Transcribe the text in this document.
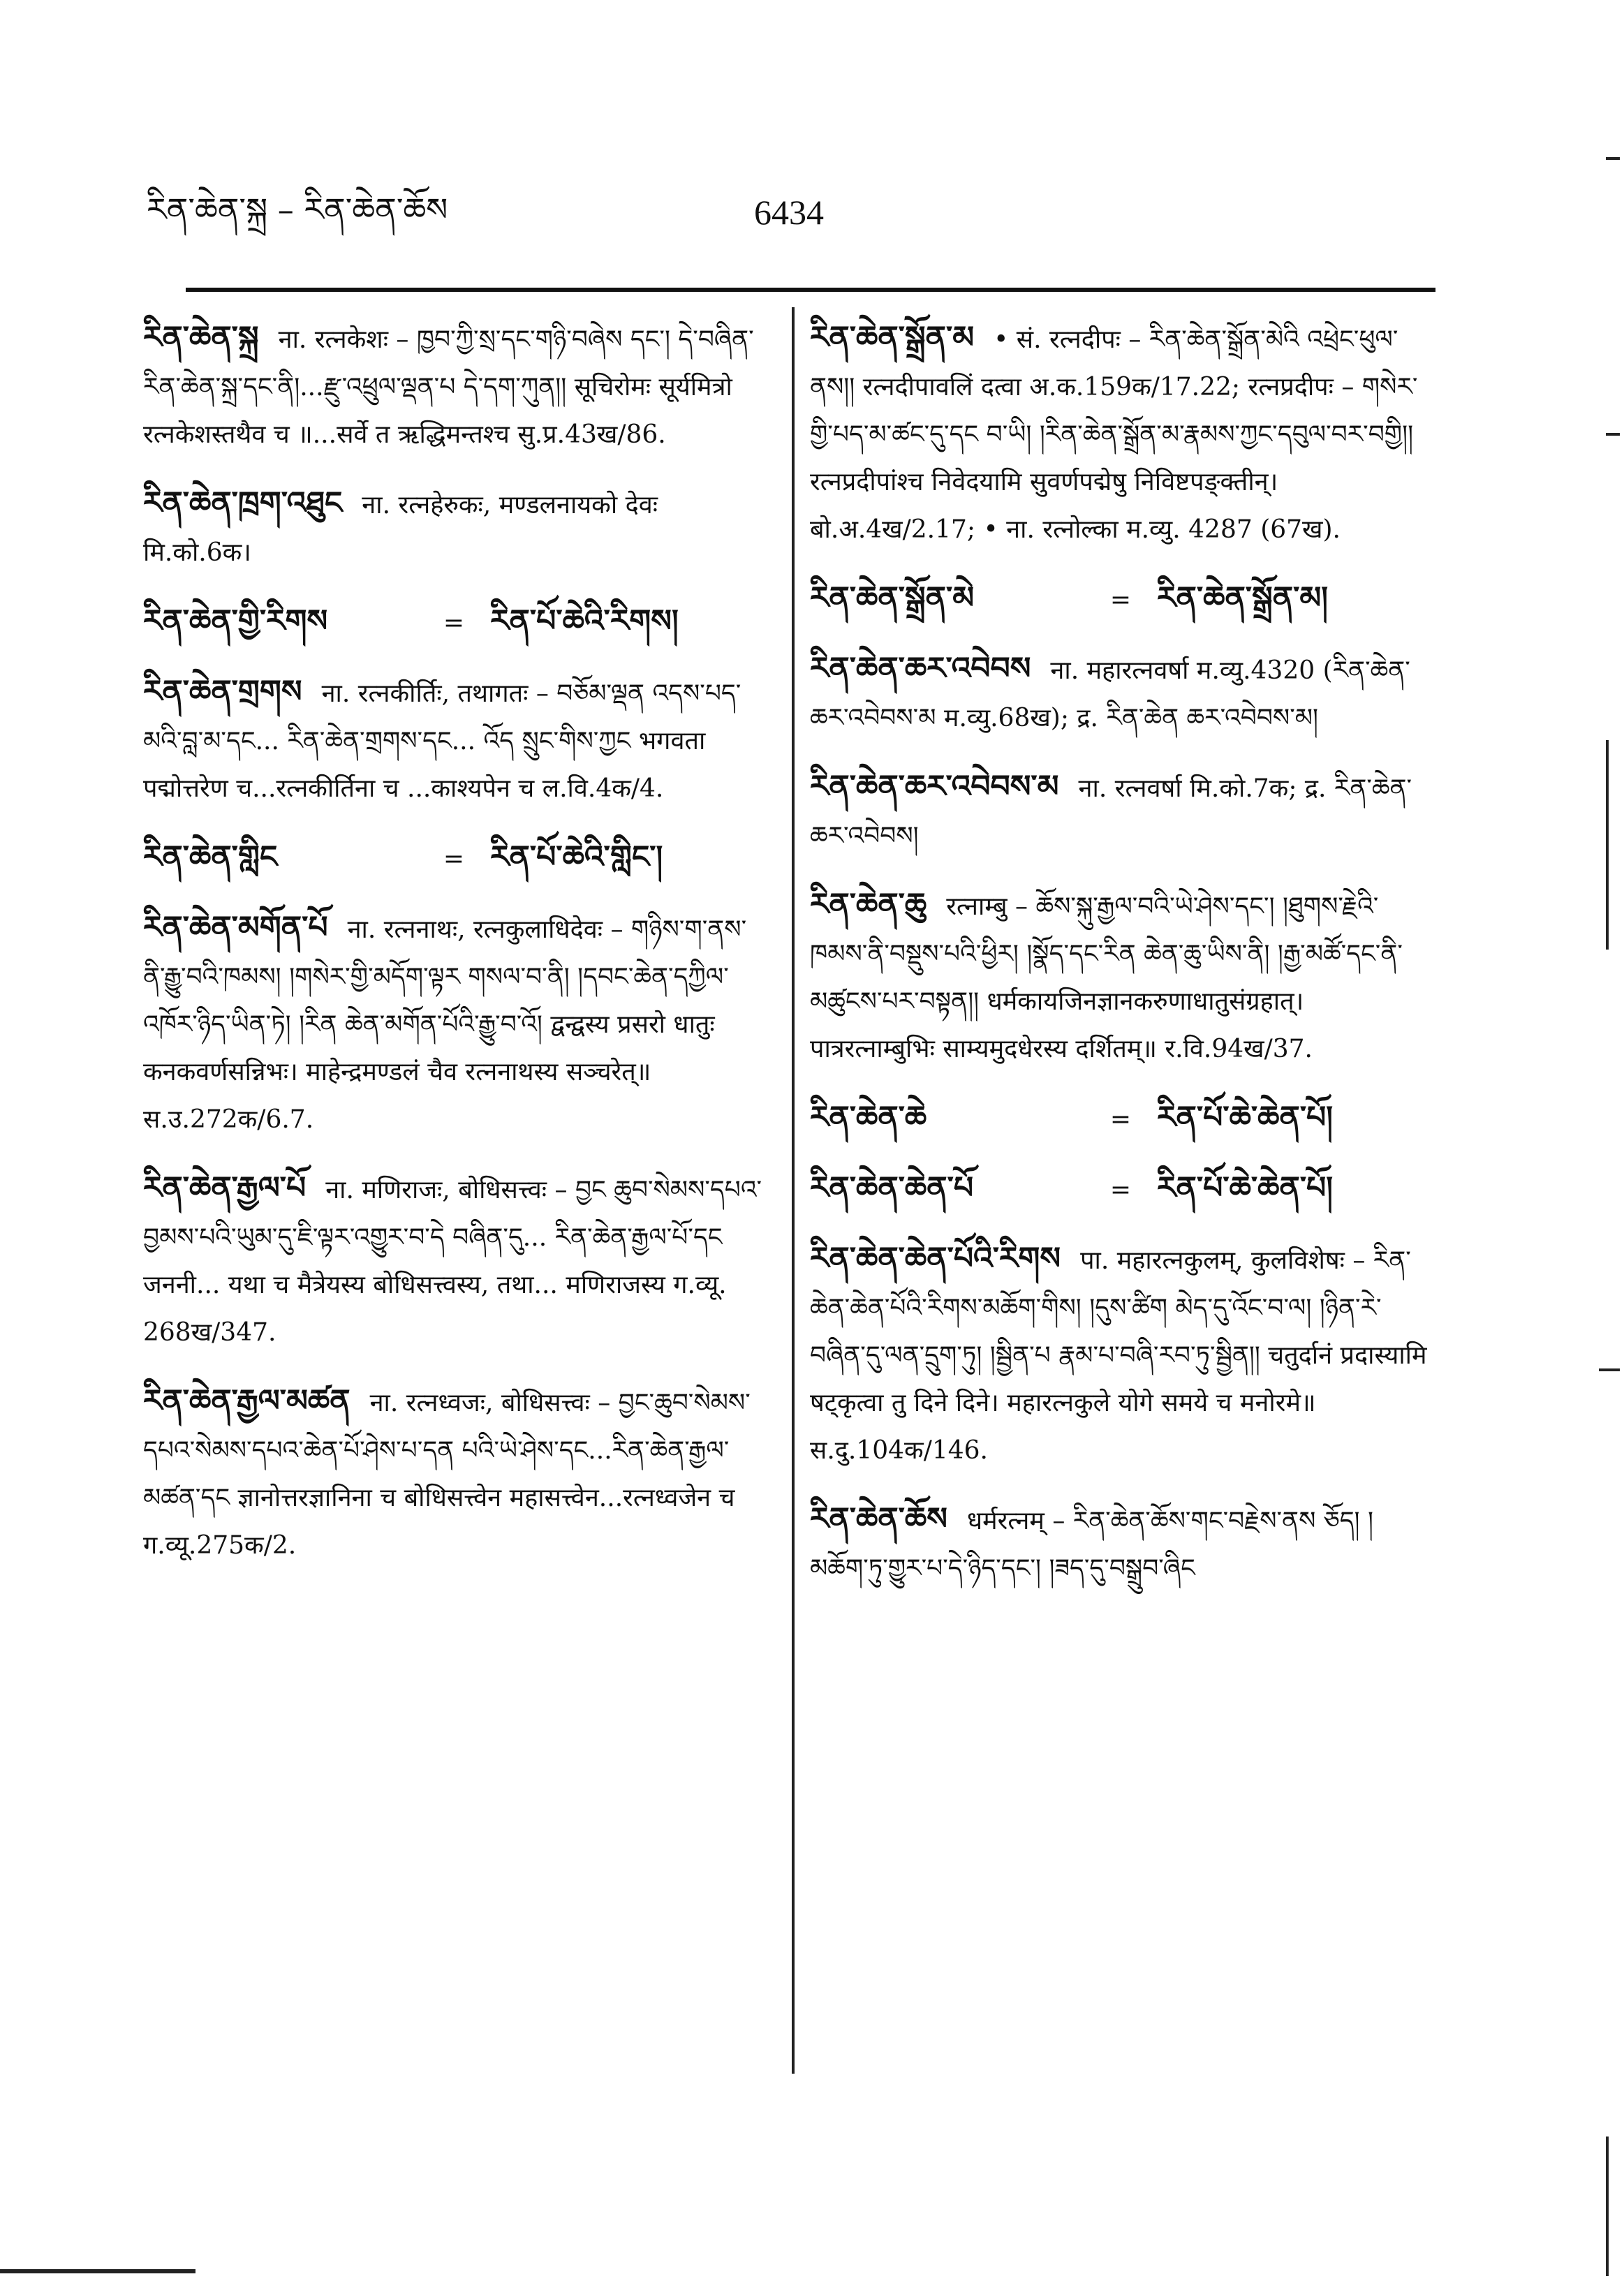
རིན་ཆེན་སྐྲ – རིན་ཆེན་ཆོས	6434
རིན་ཆེན་སྐྲ ना. रत्नकेशः – ཁྱབ་ཀྱི་སྲ་དང་གཉི་བཞེས དང་། དེ་བཞིན་རིན་ཆེན་སྐྲ་དང་ནི།...རྫུ་འཕྲུལ་ལྡན་པ དེ་དག་ཀུན།། सूचिरोमः सूर्यमित्रो रत्नकेशस्तथैव च ॥...सर्वे त ऋद्धिमन्तश्च सु.प्र.43ख/86.
རིན་ཆེན་ཁྲག་འཐུང ना. रत्नहेरुकः, मण्डलनायको देवः मि.को.6क।
རིན་ཆེན་གྱི་རིགས	= རིན་པོ་ཆེའི་རིགས།
རིན་ཆེན་གྲགས ना. रत्नकीर्तिः, तथागतः – བཅོམ་ལྡན འདས་པད་མའི་བླ་མ་དང... རིན་ཆེན་གྲགས་དང... འོད སྲུང་གིས་ཀྱང भगवता पद्मोत्तरेण च...रत्नकीर्तिना च ...काश्यपेन च ल.वि.4क/4.
རིན་ཆེན་གླིང	= རིན་པོ་ཆེའི་གླིང་།
རིན་ཆེན་མགོན་པོ ना. रत्ननाथः, रत्नकुलाधिदेवः – གཉིས་ག་ནས་ནི་རྒྱུ་བའི་ཁམས། །གསེར་གྱི་མདོག་ལྟར གསལ་བ་ནི། །དབང་ཆེན་དཀྱིལ་འཁོར་ཉིད་ཡིན་ཏེ། །རིན ཆེན་མགོན་པོའི་རྒྱུ་བ་འོ། द्वन्द्वस्य प्रसरो धातुः कनकवर्णसन्निभः। माहेन्द्रमण्डलं चैव रत्ननाथस्य सञ्चरेत्॥ स.उ.272क/6.7.
རིན་ཆེན་རྒྱལ་པོ ना. मणिराजः, बोधिसत्त्वः – བྱང ཆུབ་སེམས་དཔའ་བྱམས་པའི་ཡུམ་དུ་ཇི་ལྟར་འགྱུར་བ་དེ བཞིན་དུ... རིན་ཆེན་རྒྱལ་པོ་དང जननी... यथा च मैत्रेयस्य बोधिसत्त्वस्य, तथा... मणिराजस्य ग.व्यू. 268ख/347.
རིན་ཆེན་རྒྱལ་མཚན ना. रत्नध्वजः, बोधिसत्त्वः – བྱང་ཆུབ་སེམས་དཔའ་སེམས་དཔའ་ཆེན་པོ་ཤེས་པ་དན པའི་ཡེ་ཤེས་དང...རིན་ཆེན་རྒྱལ་མཚན་དང ज्ञानोत्तरज्ञानिना च बोधिसत्त्वेन महासत्त्वेन...रत्नध्वजेन च ग.व्यू.275क/2.
རིན་ཆེན་སྒྲོན་མ • सं. रत्नदीपः – རིན་ཆེན་སྒྲོན་མེའི འཕྲེང་ཕུལ་ནས།། रत्नदीपावलिं दत्वा अ.क.159क/17.22; रत्नप्रदीपः – གསེར་གྱི་པད་མ་ཚང་དུ་དང བ་ཡི། །རིན་ཆེན་སྒྲོན་མ་རྣམས་ཀྱང་དབུལ་བར་བགྱི།། रत्नप्रदीपांश्च निवेदयामि सुवर्णपद्मेषु निविष्टपङ्क्तीन्। बो.अ.4ख/2.17; • ना. रत्नोल्का म.व्यु. 4287 (67ख).
རིན་ཆེན་སྒྲོན་མེ	= རིན་ཆེན་སྒྲོན་མ།
རིན་ཆེན་ཆར་འབེབས ना. महारत्नवर्षा म.व्यु.4320 (རིན་ཆེན་ཆར་འབེབས་མ म.व्यु.68ख); द्र. རིན་ཆེན ཆར་འབེབས་མ།
རིན་ཆེན་ཆར་འབེབས་མ ना. रत्नवर्षा मि.को.7क; द्र. རིན་ཆེན་ཆར་འབེབས།
རིན་ཆེན་ཆུ रत्नाम्बु – ཆོས་སྐུ་རྒྱལ་བའི་ཡེ་ཤེས་དང་། །ཐུགས་རྗེའི་ཁམས་ནི་བསྡུས་པའི་ཕྱིར། །སྣོད་དང་རིན ཆེན་ཆུ་ཡིས་ནི། །རྒྱ་མཚོ་དང་ནི་མཚུངས་པར་བསྟན།། धर्मकायजिनज्ञानकरुणाधातुसंग्रहात्। पात्ररत्नाम्बुभिः साम्यमुदधेरस्य दर्शितम्॥ र.वि.94ख/37.
རིན་ཆེན་ཆེ	= རིན་པོ་ཆེ་ཆེན་པོ།
རིན་ཆེན་ཆེན་པོ	= རིན་པོ་ཆེ་ཆེན་པོ།
རིན་ཆེན་ཆེན་པོའི་རིགས पा. महारत्नकुलम्, कुलविशेषः – རིན་ཆེན་ཆེན་པོའི་རིགས་མཆོག་གིས། །དུས་ཚིག མེད་དུ་འོང་བ་ལ། །ཉིན་རེ་བཞིན་དུ་ལན་དྲུག་ཏུ། །སྦྱིན་པ རྣམ་པ་བཞི་རབ་ཏུ་སྦྱིན།། चतुर्दानं प्रदास्यामि षट्कृत्वा तु दिने दिने। महारत्नकुले योगे समये च मनोरमे॥ स.दु.104क/146.
རིན་ཆེན་ཆོས धर्मरत्नम् – རིན་ཆེན་ཆོས་གང་བརྗེས་ནས ཅོད། །མཆོག་ཏུ་གྱུར་པ་དེ་ཉིད་དང་། །ཟད་དུ་བསྒྲུབ་ཞིང
